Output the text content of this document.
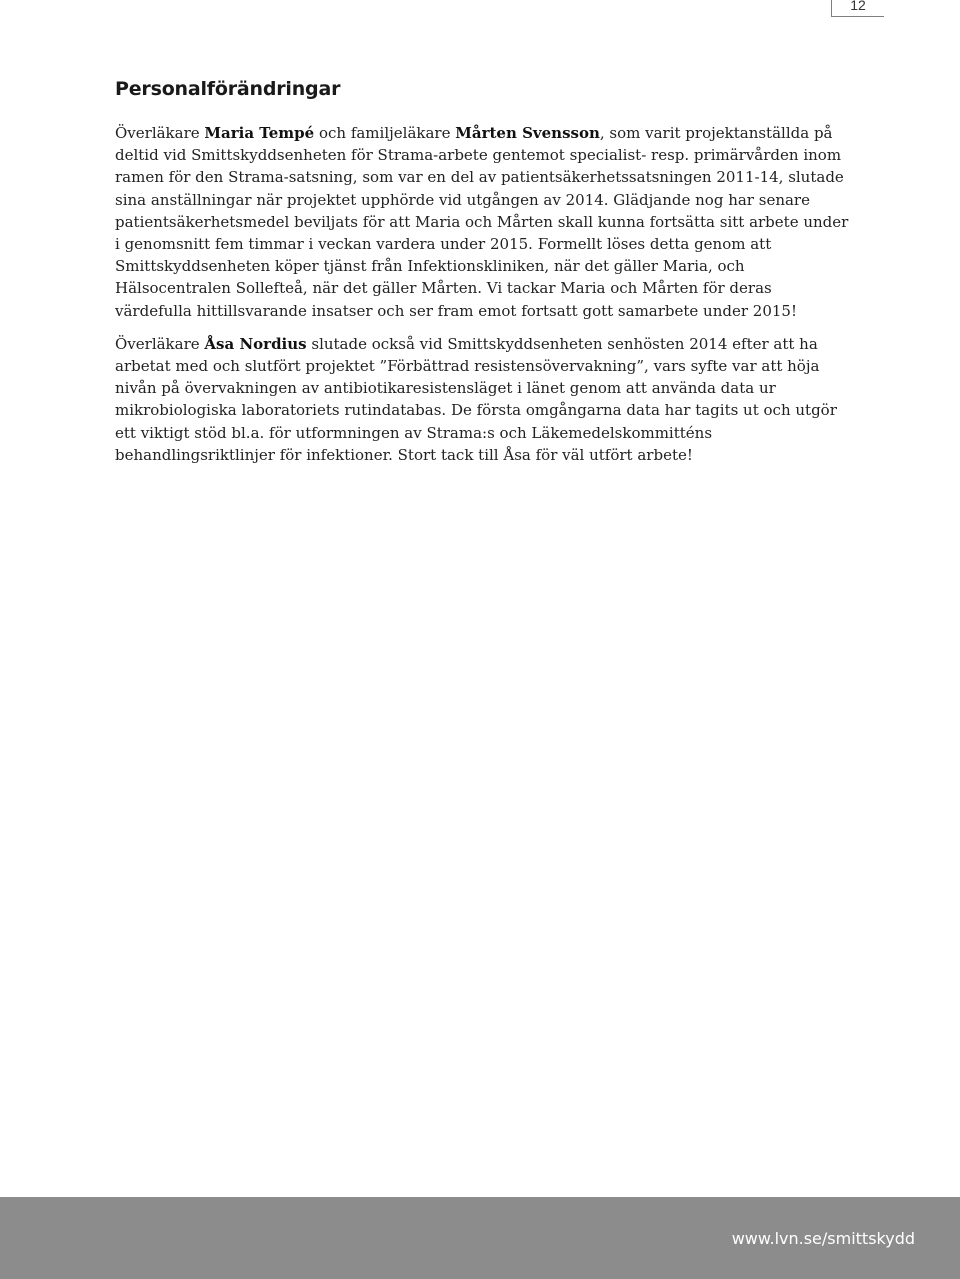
12
Personalförändringar

Överläkare Maria Tempé och familjeläkare Mårten Svensson, som varit projektanställda på deltid vid Smittskyddsenheten för Strama-arbete gentemot specialist- resp. primärvården inom ramen för den Strama-satsning, som var en del av patientsäkerhetssatsningen 2011-14, slutade sina anställningar när projektet upphörde vid utgången av 2014. Glädjande nog har senare patientsäkerhetsmedel beviljats för att Maria och Mårten skall kunna fortsätta sitt arbete under i genomsnitt fem timmar i veckan vardera under 2015. Formellt löses detta genom att Smittskyddsenheten köper tjänst från Infektionskliniken, när det gäller Maria, och Hälsocentralen Sollefteå, när det gäller Mårten. Vi tackar Maria och Mårten för deras värdefulla hittillsvarande insatser och ser fram emot fortsatt gott samarbete under 2015!

Överläkare Åsa Nordius slutade också vid Smittskyddsenheten senhösten 2014 efter att ha arbetat med och slutfört projektet ”Förbättrad resistensövervakning”, vars syfte var att höja nivån på övervakningen av antibiotikaresistensläget i länet genom att använda data ur mikrobiologiska laboratoriets rutindatabas. De första omgångarna data har tagits ut och utgör ett viktigt stöd bl.a. för utformningen av Strama:s och Läkemedelskommitténs behandlingsriktlinjer för infektioner. Stort tack till Åsa för väl utfört arbete!

www.lvn.se/smittskydd
